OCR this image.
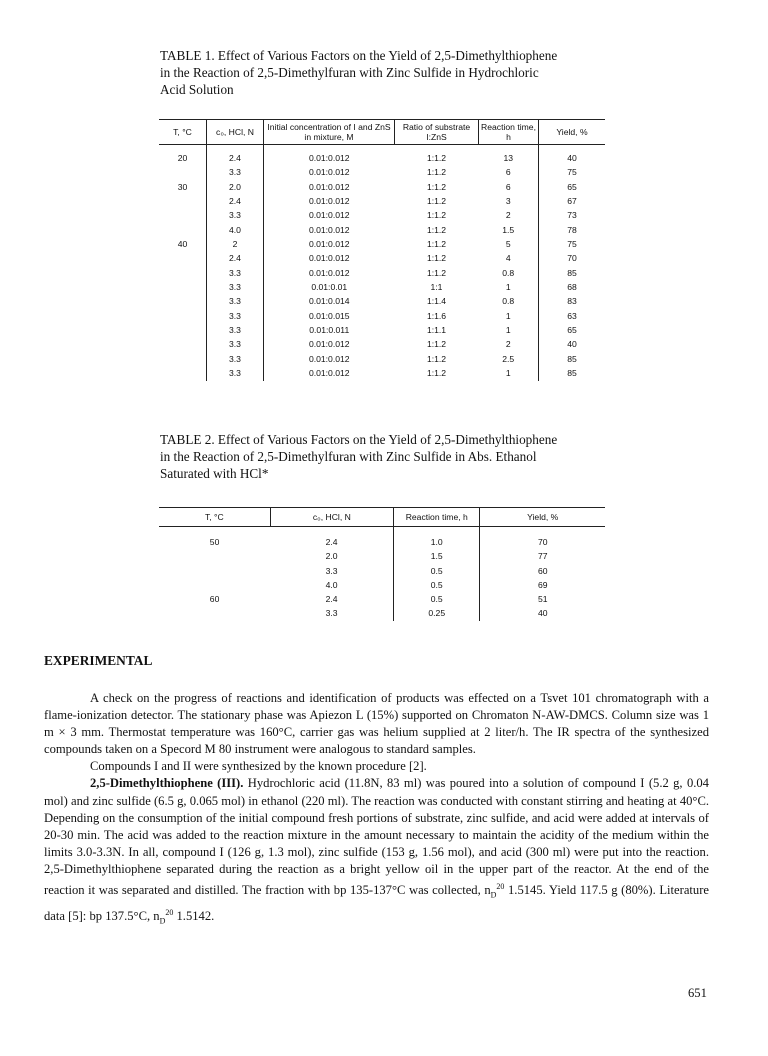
TABLE 1. Effect of Various Factors on the Yield of 2,5-Dimethylthiophene

in the Reaction of 2,5-Dimethylfuran with Zinc Sulfide in Hydrochloric

Acid Solution

T, °C	c₀, HCl, N	Initial concentration of I and ZnS in mixture, M	Ratio of substrate I:ZnS	Reaction time, h	Yield, %

20	2.4	0.01:0.012	1:1.2	13	40
	3.3	0.01:0.012	1:1.2	6	75
30	2.0	0.01:0.012	1:1.2	6	65
	2.4	0.01:0.012	1:1.2	3	67
	3.3	0.01:0.012	1:1.2	2	73
	4.0	0.01:0.012	1:1.2	1.5	78
40	2	0.01:0.012	1:1.2	5	75
	2.4	0.01:0.012	1:1.2	4	70
	3.3	0.01:0.012	1:1.2	0.8	85
	3.3	0.01:0.01	1:1	1	68
	3.3	0.01:0.014	1:1.4	0.8	83
	3.3	0.01:0.015	1:1.6	1	63
	3.3	0.01:0.011	1:1.1	1	65
	3.3	0.01:0.012	1:1.2	2	40
	3.3	0.01:0.012	1:1.2	2.5	85
	3.3	0.01:0.012	1:1.2	1	85

TABLE 2. Effect of Various Factors on the Yield of 2,5-Dimethylthiophene

in the Reaction of 2,5-Dimethylfuran with Zinc Sulfide in Abs. Ethanol

Saturated with HCl*

T, °C	c₀, HCl, N	Reaction time, h	Yield, %

50	2.4	1.0	70
	2.0	1.5	77
	3.3	0.5	60
	4.0	0.5	69
60	2.4	0.5	51
	3.3	0.25	40
EXPERIMENTAL

A check on the progress of reactions and identification of products was effected on a Tsvet 101 chromatograph with a flame-ionization detector. The stationary phase was Apiezon L (15%) supported on Chromaton N-AW-DMCS. Column size was 1 m × 3 mm. Thermostat temperature was 160°C, carrier gas was helium supplied at 2 liter/h. The IR spectra of the synthesized compounds taken on a Specord M 80 instrument were analogous to standard samples.

Compounds I and II were synthesized by the known procedure [2].

2,5-Dimethylthiophene (III). Hydrochloric acid (11.8N, 83 ml) was poured into a solution of compound I (5.2 g, 0.04 mol) and zinc sulfide (6.5 g, 0.065 mol) in ethanol (220 ml). The reaction was conducted with constant stirring and heating at 40°C. Depending on the consumption of the initial compound fresh portions of substrate, zinc sulfide, and acid were added at intervals of 20-30 min. The acid was added to the reaction mixture in the amount necessary to maintain the acidity of the medium within the limits 3.0-3.3N. In all, compound I (126 g, 1.3 mol), zinc sulfide (153 g, 1.56 mol), and acid (300 ml) were put into the reaction. 2,5-Dimethylthiophene separated during the reaction as a bright yellow oil in the upper part of the reactor. At the end of the reaction it was separated and distilled. The fraction with bp 135-137°C was collected, $n_D^{20}$ 1.5145. Yield 117.5 g (80%). Literature data [5]: bp 137.5°C, $n_D^{20}$ 1.5142.

651
